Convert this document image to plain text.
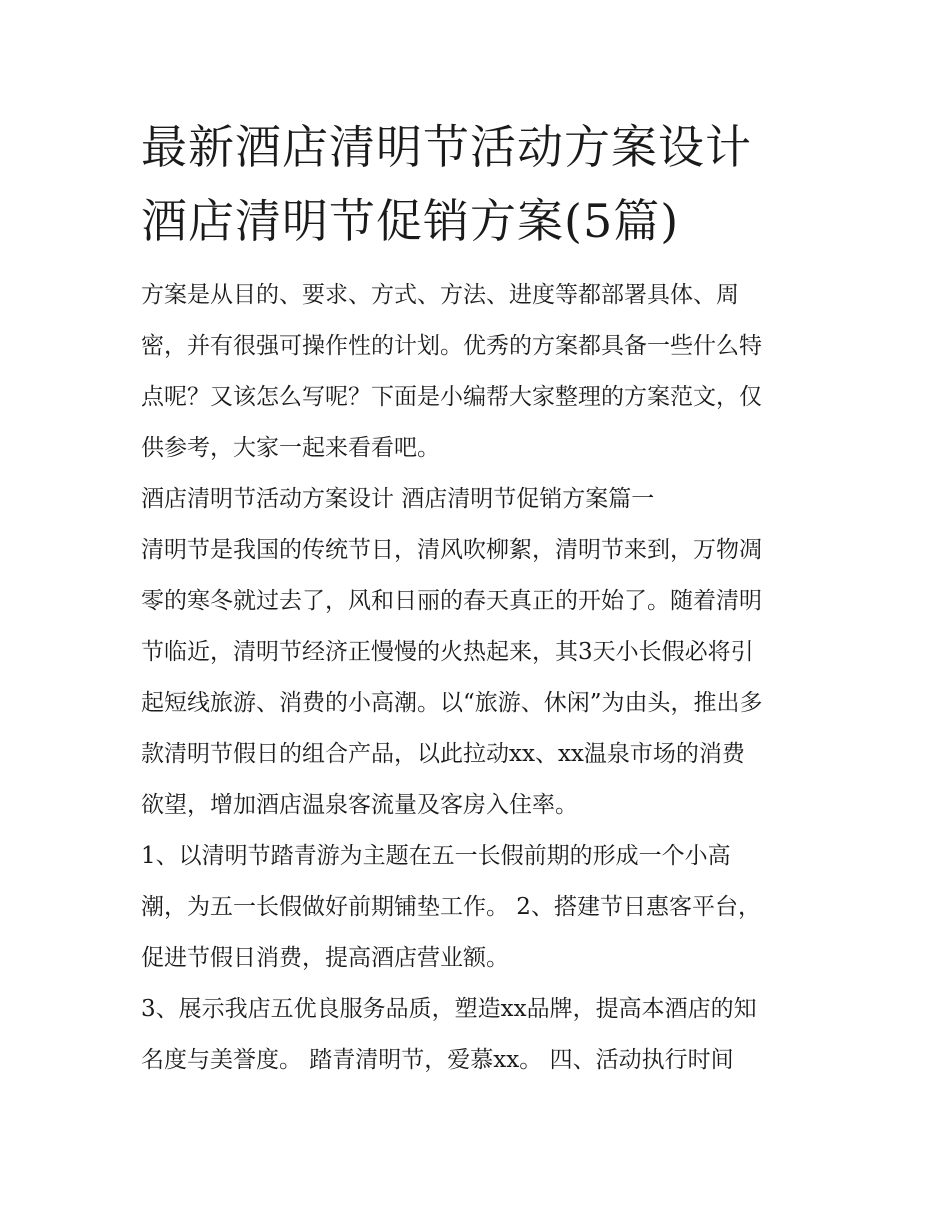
最新酒店清明节活动方案设计
酒店清明节促销方案(5篇)
方案是从目的、要求、方式、方法、进度等都部署具体、周
密，并有很强可操作性的计划。优秀的方案都具备一些什么特
点呢？又该怎么写呢？下面是小编帮大家整理的方案范文，仅
供参考，大家一起来看看吧。
酒店清明节活动方案设计 酒店清明节促销方案篇一
清明节是我国的传统节日，清风吹柳絮，清明节来到，万物凋
零的寒冬就过去了，风和日丽的春天真正的开始了。随着清明
节临近，清明节经济正慢慢的火热起来，其3天小长假必将引
起短线旅游、消费的小高潮。以“旅游、休闲”为由头，推出多
款清明节假日的组合产品，以此拉动xx、xx温泉市场的消费
欲望，增加酒店温泉客流量及客房入住率。
1、以清明节踏青游为主题在五一长假前期的形成一个小高
潮，为五一长假做好前期铺垫工作。 2、搭建节日惠客平台，
促进节假日消费，提高酒店营业额。
3、展示我店五优良服务品质，塑造xx品牌，提高本酒店的知
名度与美誉度。 踏青清明节，爱慕xx。 四、活动执行时间
